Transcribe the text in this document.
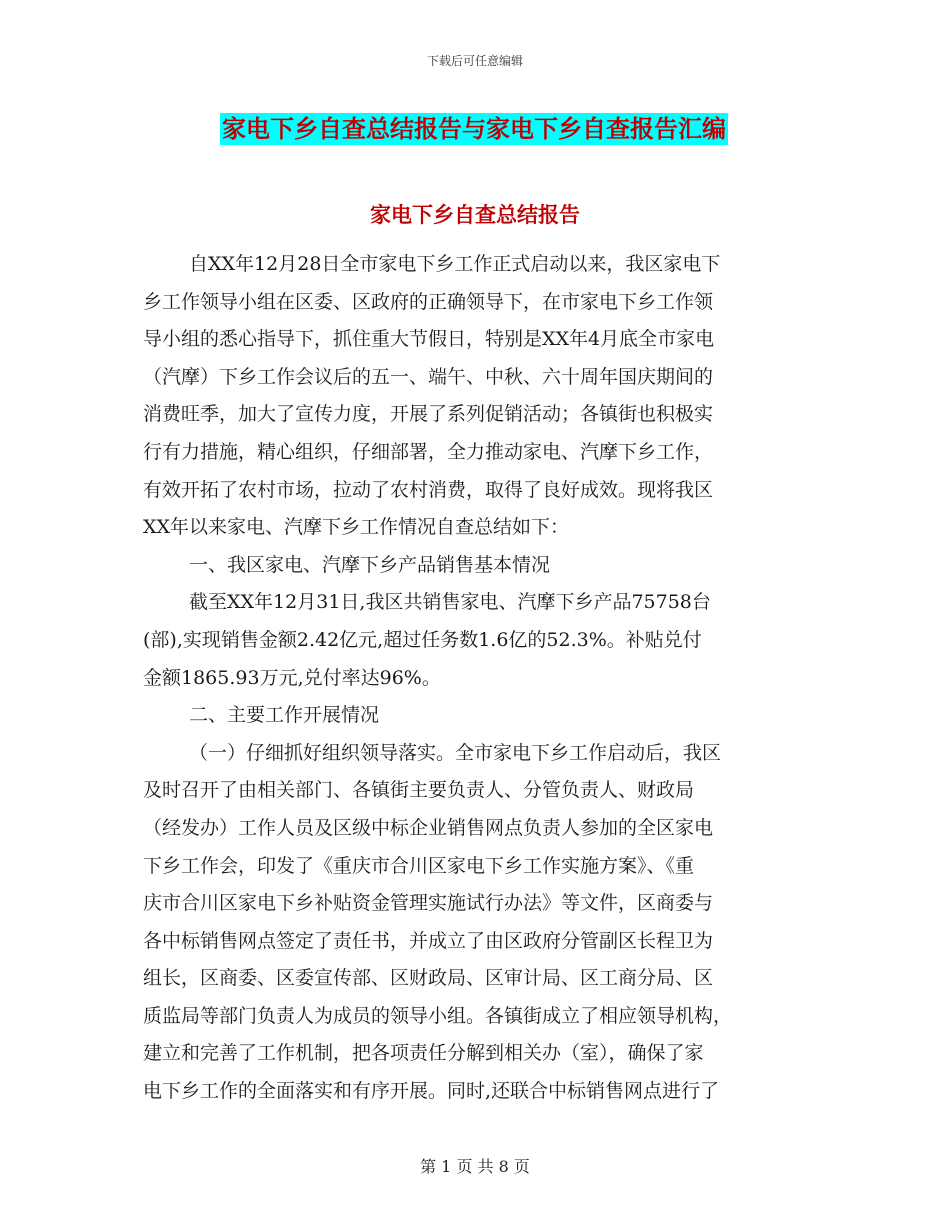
下载后可任意编辑
家电下乡自查总结报告与家电下乡自查报告汇编
家电下乡自查总结报告
自XX年12月28日全市家电下乡工作正式启动以来，我区家电下
乡工作领导小组在区委、区政府的正确领导下，在市家电下乡工作领
导小组的悉心指导下，抓住重大节假日，特别是XX年4月底全市家电
（汽摩）下乡工作会议后的五一、端午、中秋、六十周年国庆期间的
消费旺季，加大了宣传力度，开展了系列促销活动；各镇街也积极实
行有力措施，精心组织，仔细部署，全力推动家电、汽摩下乡工作，
有效开拓了农村市场，拉动了农村消费，取得了良好成效。现将我区
XX年以来家电、汽摩下乡工作情况自查总结如下：
一、我区家电、汽摩下乡产品销售基本情况
截至XX年12月31日,我区共销售家电、汽摩下乡产品75758台
(部),实现销售金额2.42亿元,超过任务数1.6亿的52.3%。补贴兑付
金额1865.93万元,兑付率达96%。
二、主要工作开展情况
（一）仔细抓好组织领导落实。全市家电下乡工作启动后，我区
及时召开了由相关部门、各镇街主要负责人、分管负责人、财政局
（经发办）工作人员及区级中标企业销售网点负责人参加的全区家电
下乡工作会，印发了《重庆市合川区家电下乡工作实施方案》、《重
庆市合川区家电下乡补贴资金管理实施试行办法》等文件，区商委与
各中标销售网点签定了责任书，并成立了由区政府分管副区长程卫为
组长，区商委、区委宣传部、区财政局、区审计局、区工商分局、区
质监局等部门负责人为成员的领导小组。各镇街成立了相应领导机构，
建立和完善了工作机制，把各项责任分解到相关办（室），确保了家
电下乡工作的全面落实和有序开展。同时,还联合中标销售网点进行了
第 1 页 共 8 页
